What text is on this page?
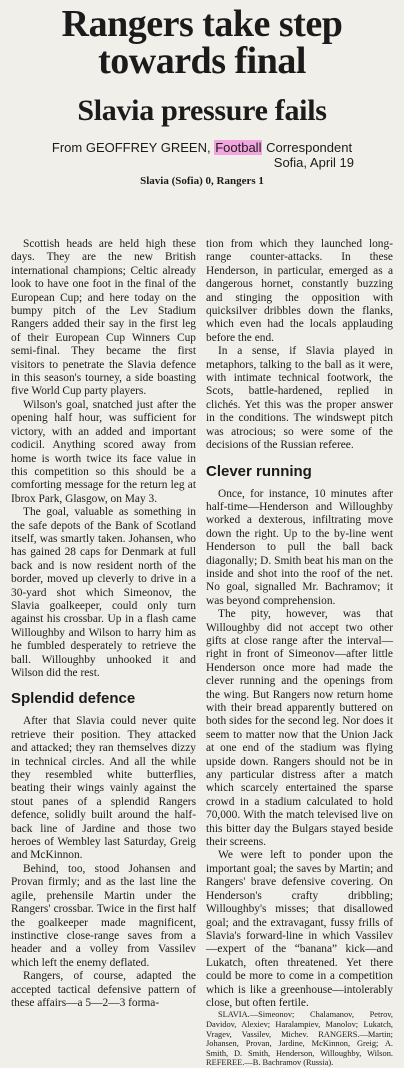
Rangers take step towards final
Slavia pressure fails
From GEOFFREY GREEN, Football Correspondent
Sofia, April 19
Slavia (Sofia) 0, Rangers 1

Scottish heads are held high these days. They are the new British international champions; Celtic already look to have one foot in the final of the European Cup; and here today on the bumpy pitch of the Lev Stadium Rangers added their say in the first leg of their European Cup Winners Cup semi-final. They became the first visitors to penetrate the Slavia defence in this season's tourney, a side boasting five World Cup party players.

Wilson's goal, snatched just after the opening half hour, was sufficient for victory, with an added and important codicil. Anything scored away from home is worth twice its face value in this competition so this should be a comforting message for the return leg at Ibrox Park, Glasgow, on May 3.

The goal, valuable as something in the safe depots of the Bank of Scotland itself, was smartly taken. Johansen, who has gained 28 caps for Denmark at full back and is now resident north of the border, moved up cleverly to drive in a 30-yard shot which Simeonov, the Slavia goalkeeper, could only turn against his crossbar. Up in a flash came Willoughby and Wilson to harry him as he fumbled desperately to retrieve the ball. Willoughby unhooked it and Wilson did the rest.

Splendid defence

After that Slavia could never quite retrieve their position. They attacked and attacked; they ran themselves dizzy in technical circles. And all the while they resembled white butterflies, beating their wings vainly against the stout panes of a splendid Rangers defence, solidly built around the half-back line of Jardine and those two heroes of Wembley last Saturday, Greig and McKinnon.

Behind, too, stood Johansen and Provan firmly; and as the last line the agile, prehensile Martin under the Rangers' crossbar. Twice in the first half the goalkeeper made magnificent, instinctive close-range saves from a header and a volley from Vassilev which left the enemy deflated.

Rangers, of course, adapted the accepted tactical defensive pattern of these affairs—a 5—2—3 forma-

tion from which they launched long-range counter-attacks. In these Henderson, in particular, emerged as a dangerous hornet, constantly buzzing and stinging the opposition with quicksilver dribbles down the flanks, which even had the locals applauding before the end.

In a sense, if Slavia played in metaphors, talking to the ball as it were, with intimate technical footwork, the Scots, battle-hardened, replied in clichés. Yet this was the proper answer in the conditions. The windswept pitch was atrocious; so were some of the decisions of the Russian referee.

Clever running

Once, for instance, 10 minutes after half-time—Henderson and Willoughby worked a dexterous, infiltrating move down the right. Up to the by-line went Henderson to pull the ball back diagonally; D. Smith beat his man on the inside and shot into the roof of the net. No goal, signalled Mr. Bachramov; it was beyond comprehension.

The pity, however, was that Willoughby did not accept two other gifts at close range after the interval—right in front of Simeonov—after little Henderson once more had made the clever running and the openings from the wing. But Rangers now return home with their bread apparently buttered on both sides for the second leg. Nor does it seem to matter now that the Union Jack at one end of the stadium was flying upside down. Rangers should not be in any particular distress after a match which scarcely entertained the sparse crowd in a stadium calculated to hold 70,000. With the match televised live on this bitter day the Bulgars stayed beside their screens.

We were left to ponder upon the important goal; the saves by Martin; and Rangers' brave defensive covering. On Henderson's crafty dribbling; Willoughby's misses; that disallowed goal; and the extravagant, fussy frills of Slavia's forward-line in which Vassilev—expert of the “banana” kick—and Lukatch, often threatened. Yet there could be more to come in a competition which is like a greenhouse—intolerably close, but often fertile.

SLAVIA.—Simeonov; Chalamanov, Petrov, Davidov, Alexiev; Haralampiev, Manolov; Lukatch, Vragev, Vassilev, Michev. RANGERS.—Martin; Johansen, Provan, Jardine, McKinnon, Greig; A. Smith, D. Smith, Henderson, Willoughby, Wilson. REFEREE.—B. Bachramov (Russia).
